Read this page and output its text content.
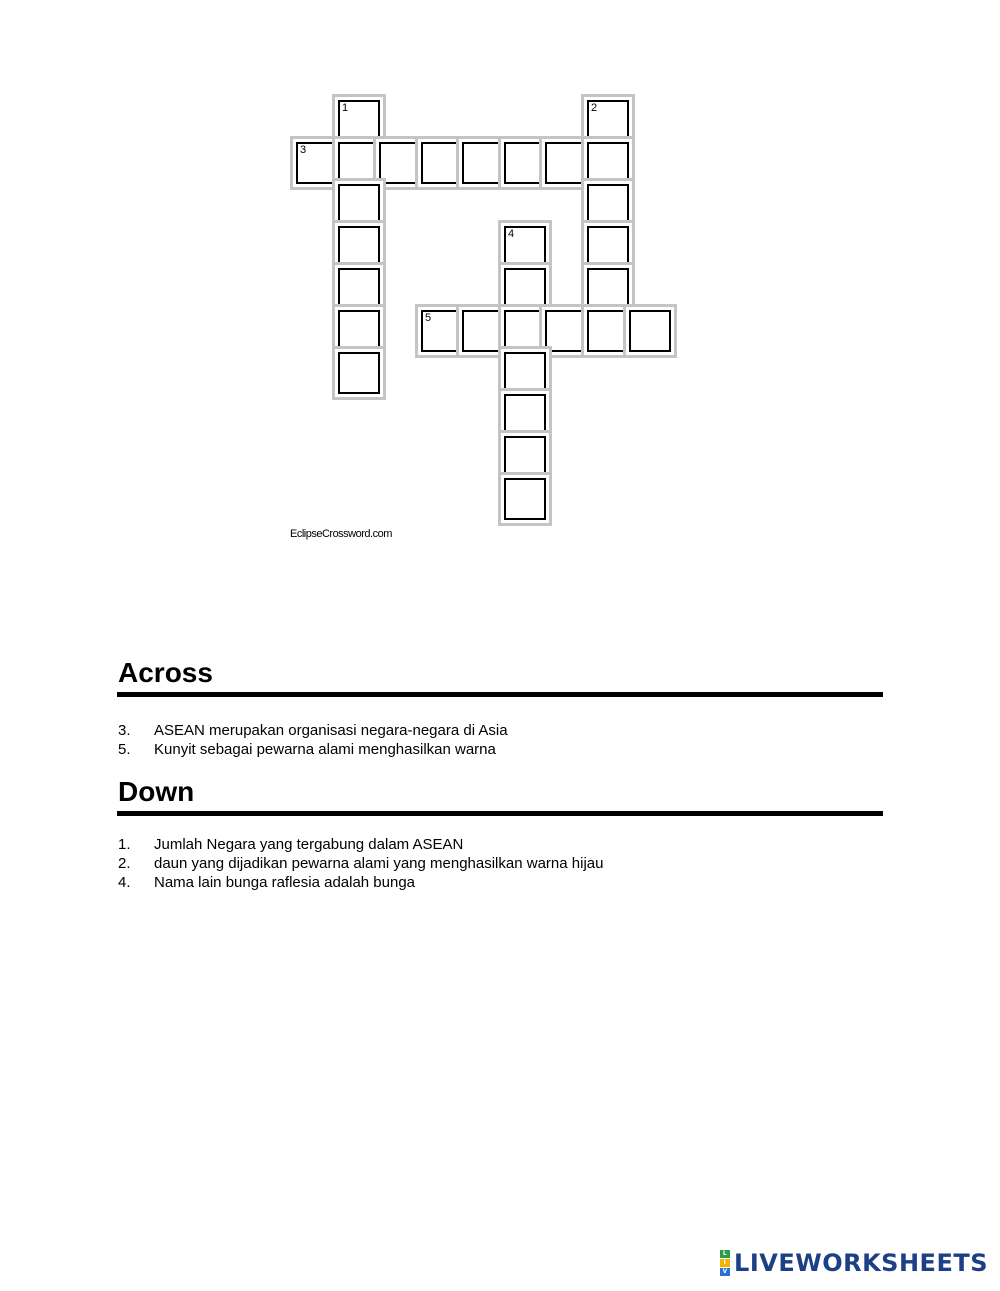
1	2
3
4
5
EclipseCrossword.com
Across
3.	ASEAN merupakan organisasi negara-negara di Asia
5.	Kunyit sebagai pewarna alami menghasilkan warna
Down
1.	Jumlah Negara yang tergabung dalam ASEAN
2.	daun yang dijadikan pewarna alami yang menghasilkan warna hijau
4.	Nama lain bunga raflesia adalah bunga
L
I
V LIVEWORKSHEETS
